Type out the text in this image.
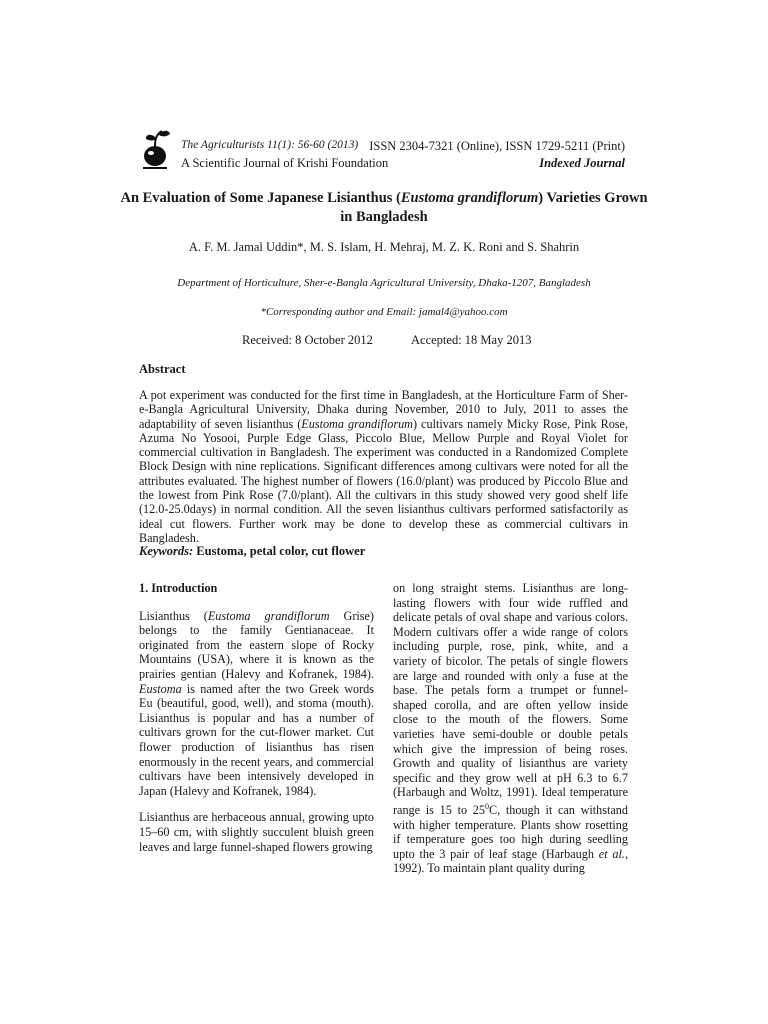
The Agriculturists 11(1): 56-60 (2013) ISSN 2304-7321 (Online), ISSN 1729-5211 (Print)
A Scientific Journal of Krishi Foundation	Indexed Journal
An Evaluation of Some Japanese Lisianthus (Eustoma grandiflorum) Varieties Grown in Bangladesh
A. F. M. Jamal Uddin*, M. S. Islam, H. Mehraj, M. Z. K. Roni and S. Shahrin
Department of Horticulture, Sher-e-Bangla Agricultural University, Dhaka-1207, Bangladesh
*Corresponding author and Email: jamal4@yahoo.com
Received: 8 October 2012	Accepted: 18 May 2013
Abstract
A pot experiment was conducted for the first time in Bangladesh, at the Horticulture Farm of Sher-e-Bangla Agricultural University, Dhaka during November, 2010 to July, 2011 to asses the adaptability of seven lisianthus (Eustoma grandiflorum) cultivars namely Micky Rose, Pink Rose, Azuma No Yosooi, Purple Edge Glass, Piccolo Blue, Mellow Purple and Royal Violet for commercial cultivation in Bangladesh. The experiment was conducted in a Randomized Complete Block Design with nine replications. Significant differences among cultivars were noted for all the attributes evaluated. The highest number of flowers (16.0/plant) was produced by Piccolo Blue and the lowest from Pink Rose (7.0/plant). All the cultivars in this study showed very good shelf life (12.0-25.0days) in normal condition. All the seven lisianthus cultivars performed satisfactorily as ideal cut flowers. Further work may be done to develop these as commercial cultivars in Bangladesh.
Keywords: Eustoma, petal color, cut flower
1. Introduction

Lisianthus (Eustoma grandiflorum Grise) belongs to the family Gentianaceae. It originated from the eastern slope of Rocky Mountains (USA), where it is known as the prairies gentian (Halevy and Kofranek, 1984). Eustoma is named after the two Greek words Eu (beautiful, good, well), and stoma (mouth). Lisianthus is popular and has a number of cultivars grown for the cut-flower market. Cut flower production of lisianthus has risen enormously in the recent years, and commercial cultivars have been intensively developed in Japan (Halevy and Kofranek, 1984).

Lisianthus are herbaceous annual, growing upto 15–60 cm, with slightly succulent bluish green leaves and large funnel-shaped flowers growing

on long straight stems. Lisianthus are long-lasting flowers with four wide ruffled and delicate petals of oval shape and various colors. Modern cultivars offer a wide range of colors including purple, rose, pink, white, and a variety of bicolor. The petals of single flowers are large and rounded with only a fuse at the base. The petals form a trumpet or funnel-shaped corolla, and are often yellow inside close to the mouth of the flowers. Some varieties have semi-double or double petals which give the impression of being roses. Growth and quality of lisianthus are variety specific and they grow well at pH 6.3 to 6.7 (Harbaugh and Woltz, 1991). Ideal temperature range is 15 to $25^0C$, though it can withstand with higher temperature. Plants show rosetting if temperature goes too high during seedling upto the 3 pair of leaf stage (Harbaugh et al., 1992). To maintain plant quality during
